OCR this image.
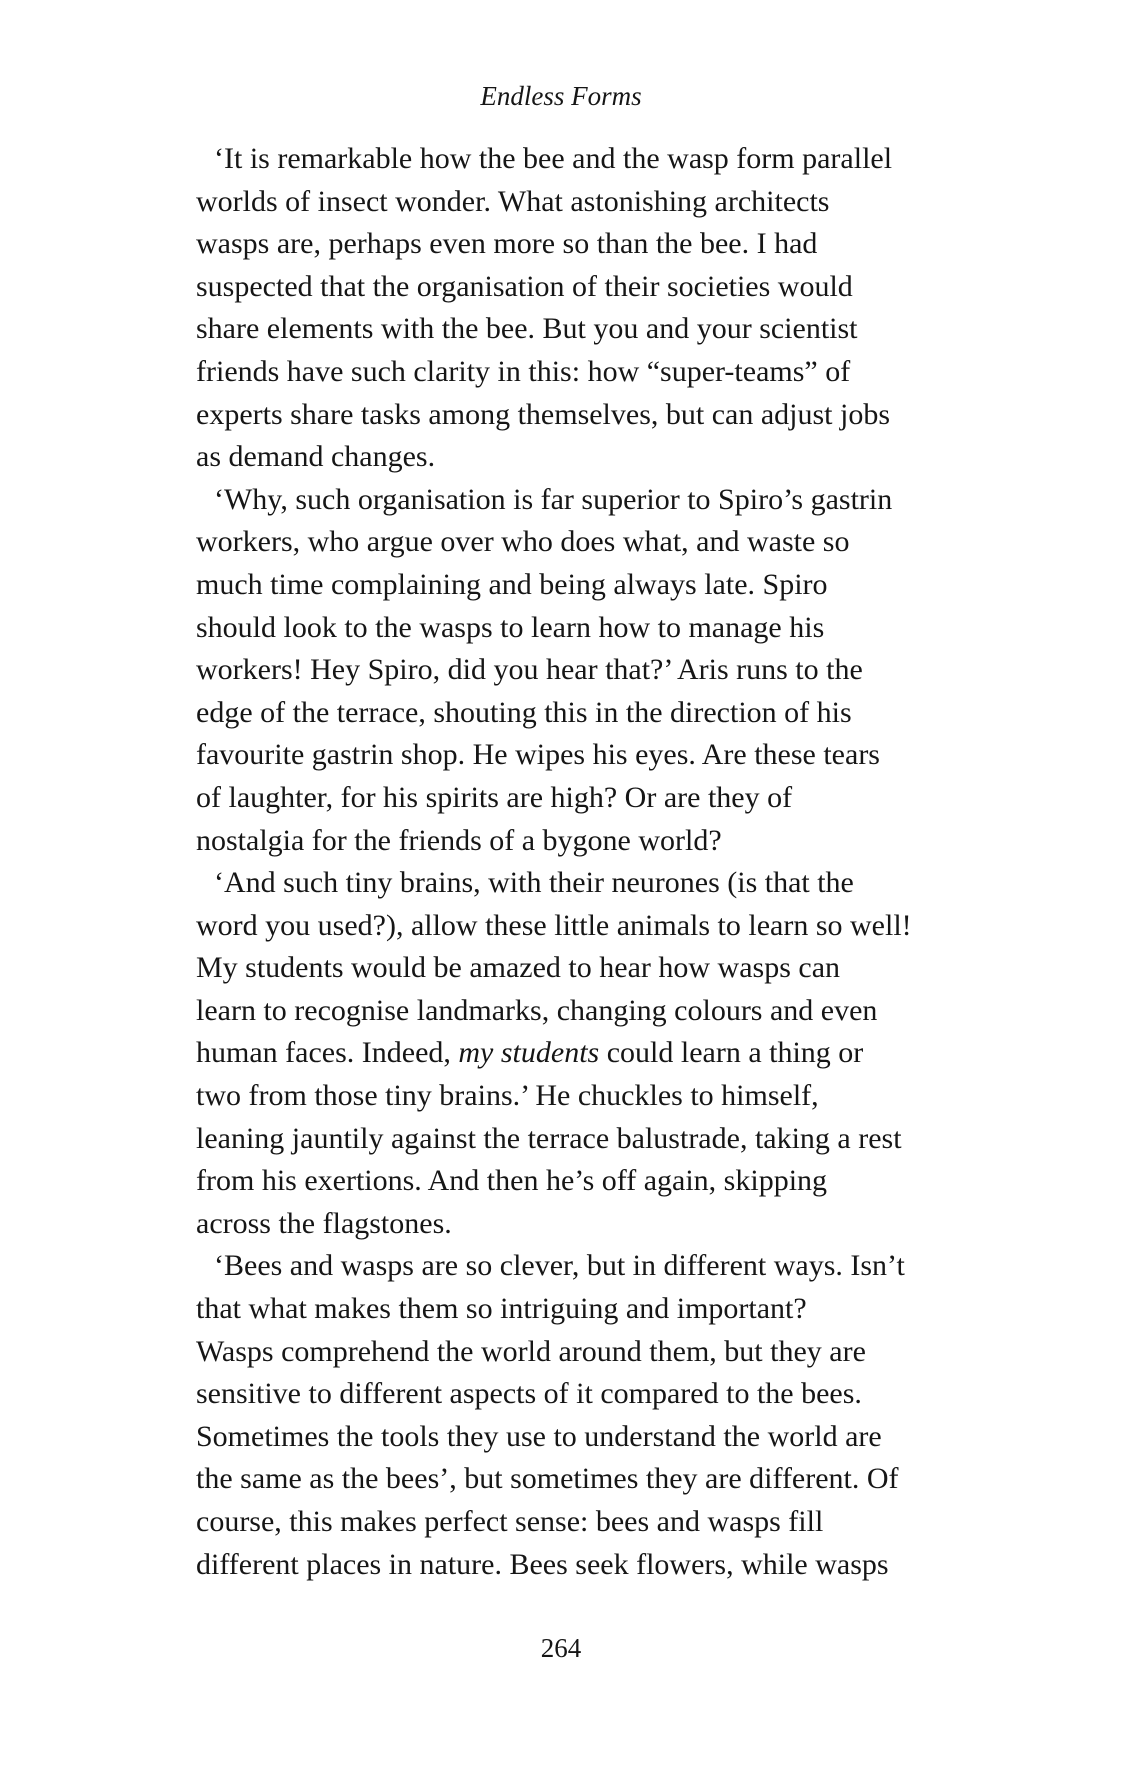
Endless Forms
‘It is remarkable how the bee and the wasp form parallel
worlds of insect wonder. What astonishing architects
wasps are, perhaps even more so than the bee. I had
suspected that the organisation of their societies would
share elements with the bee. But you and your scientist
friends have such clarity in this: how “super-teams” of
experts share tasks among themselves, but can adjust jobs
as demand changes.
‘Why, such organisation is far superior to Spiro’s gastrin
workers, who argue over who does what, and waste so
much time complaining and being always late. Spiro
should look to the wasps to learn how to manage his
workers! Hey Spiro, did you hear that?’ Aris runs to the
edge of the terrace, shouting this in the direction of his
favourite gastrin shop. He wipes his eyes. Are these tears
of laughter, for his spirits are high? Or are they of
nostalgia for the friends of a bygone world?
‘And such tiny brains, with their neurones (is that the
word you used?), allow these little animals to learn so well!
My students would be amazed to hear how wasps can
learn to recognise landmarks, changing colours and even
human faces. Indeed, my students could learn a thing or
two from those tiny brains.’ He chuckles to himself,
leaning jauntily against the terrace balustrade, taking a rest
from his exertions. And then he’s off again, skipping
across the flagstones.
‘Bees and wasps are so clever, but in different ways. Isn’t
that what makes them so intriguing and important?
Wasps comprehend the world around them, but they are
sensitive to different aspects of it compared to the bees.
Sometimes the tools they use to understand the world are
the same as the bees’, but sometimes they are different. Of
course, this makes perfect sense: bees and wasps fill
different places in nature. Bees seek flowers, while wasps
264
